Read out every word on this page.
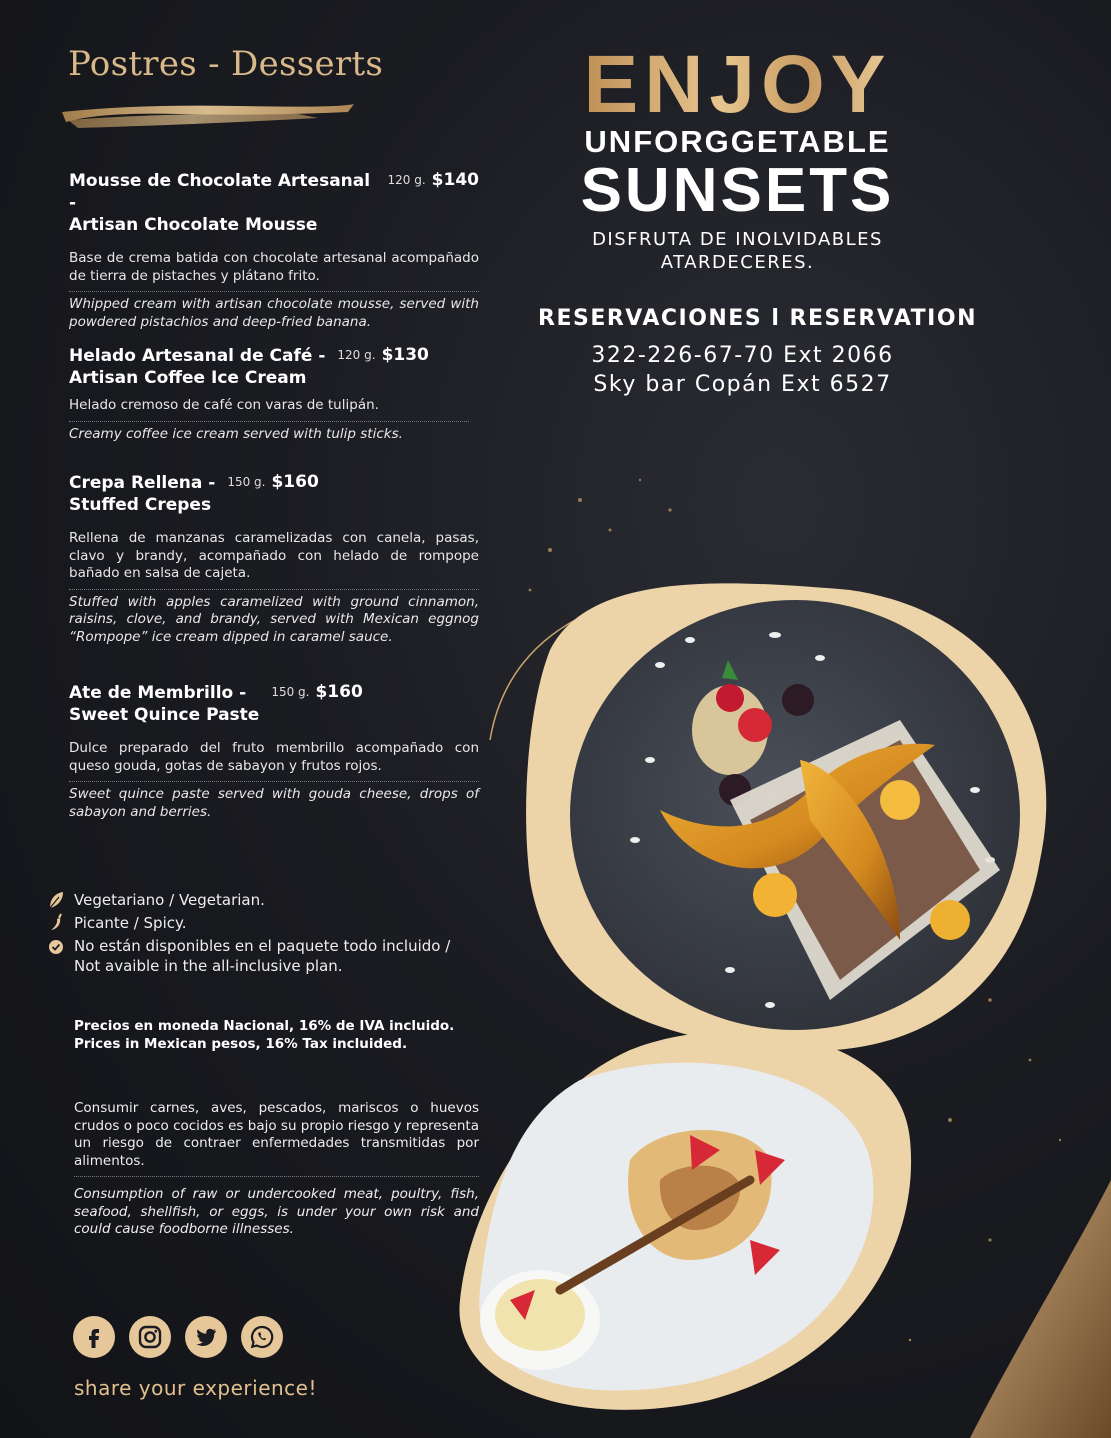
Postres - Desserts
Mousse de Chocolate Artesanal -
Artisan Chocolate Mousse
120 g. $140
Base de crema batida con chocolate artesanal acompañado de tierra de pistaches y plátano frito.
Whipped cream with artisan chocolate mousse, served with powdered pistachios and deep-fried banana.
Helado Artesanal de Café -
Artisan Coffee Ice Cream
120 g. $130
Helado cremoso de café con varas de tulipán.
Creamy coffee ice cream served with tulip sticks.
Crepa Rellena -
Stuffed Crepes
150 g. $160
Rellena de manzanas caramelizadas con canela, pasas, clavo y brandy, acompañado con helado de rompope bañado en salsa de cajeta.
Stuffed with apples caramelized with ground cinnamon, raisins, clove, and brandy, served with Mexican eggnog “Rompope” ice cream dipped in caramel sauce.
Ate de Membrillo -
Sweet Quince Paste
150 g. $160
Dulce preparado del fruto membrillo acompañado con queso gouda, gotas de sabayon y frutos rojos.
Sweet quince paste served with gouda cheese, drops of sabayon and berries.
Vegetariano / Vegetarian.
Picante / Spicy.
No están disponibles en el paquete todo incluido /
Not avaible in the all-inclusive plan.
Precios en moneda Nacional, 16% de IVA incluido.
Prices in Mexican pesos, 16% Tax incluided.
Consumir carnes, aves, pescados, mariscos o huevos crudos o poco cocidos es bajo su propio riesgo y representa un riesgo de contraer enfermedades transmitidas por alimentos.
Consumption of raw or undercooked meat, poultry, fish, seafood, shellfish, or eggs, is under your own risk and could cause foodborne illnesses.
share your experience!
ENJOY
UNFORGGETABLE
SUNSETS
DISFRUTA DE INOLVIDABLES
ATARDECERES.
RESERVACIONES l RESERVATION
322-226-67-70 Ext 2066
Sky bar Copán Ext 6527
